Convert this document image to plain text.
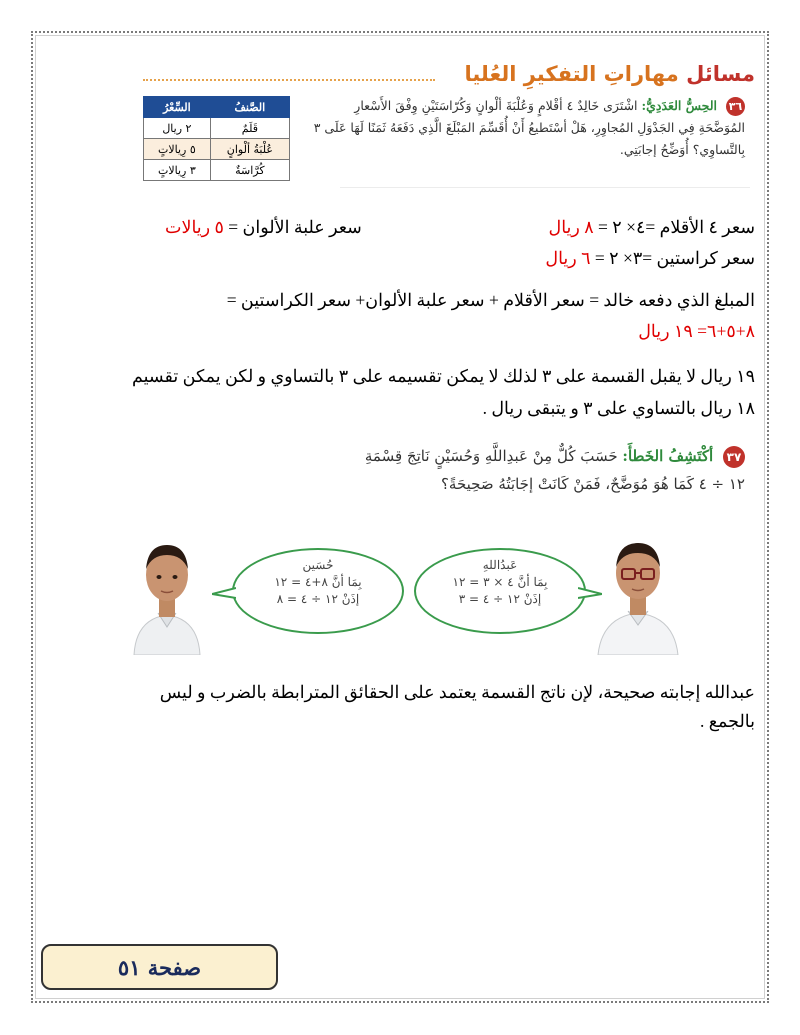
مسائل مهاراتِ التفكيرِ العُليا
الصَّنفُ	السِّعْرُ
قَلَمٌ	٢ ريال
عُلْبَةُ ألْوانٍ	٥ رِيالاتٍ
كُرَّاسَةٌ	٣ رِيالاتٍ
٣٦ الحِسُّ العَدَدِيُّ: اشْتَرَى خَالِدٌ ٤ أقْلامٍ وَعُلْبَةَ ألْوانٍ وَكُرّاسَتَيْنِ وِفْقَ الأَسْعارِ المُوَضَّحَةِ فِي الجَدْوَلِ المُجاوِرِ، هَلْ أسْتَطيعُ أَنْ أُقَسِّمَ المَبْلَغَ الَّذِي دَفَعَهُ ثَمَنًا لَهَا عَلَى ٣ بِالتَّساوِي؟ أُوَضِّحُ إجابَتِي.
سعر ٤ الأقلام =٤× ٢ = ٨ ريال
سعر علبة الألوان = ٥ ريالات
سعر كراستين =٣× ٢ = ٦ ريال
المبلغ الذي دفعه خالد = سعر الأقلام + سعر علبة الألوان+ سعر الكراستين =
٨+٥+٦= ١٩ ريال
١٩ ريال لا يقبل القسمة على ٣ لذلك لا يمكن تقسيمه على ٣ بالتساوي و لكن يمكن تقسيم
١٨ ريال بالتساوي على ٣ و يتبقى ريال .
٣٧ أكْتَشِفُ الخَطأَ: حَسَبَ كُلٌّ مِنْ عَبدِاللَّهِ وَحُسَيْنٍ نَاتِجَ قِسْمَةِ
١٢ ÷ ٤ كَمَا هُوَ مُوَضَّحٌ، فَمَنْ كَانَتْ إجَابَتُهُ صَحِيحَةً؟
حُسَين
بِمَا أنَّ ٨+٤ = ١٢
إذَنْ ١٢ ÷ ٤ = ٨
عَبدُاللهِ
بِمَا أنَّ ٤ × ٣ = ١٢
إذَنْ ١٢ ÷ ٤ = ٣
عبدالله إجابته صحيحة، لإن ناتج القسمة يعتمد على الحقائق المترابطة بالضرب و ليس
بالجمع .
صفحة ٥١
